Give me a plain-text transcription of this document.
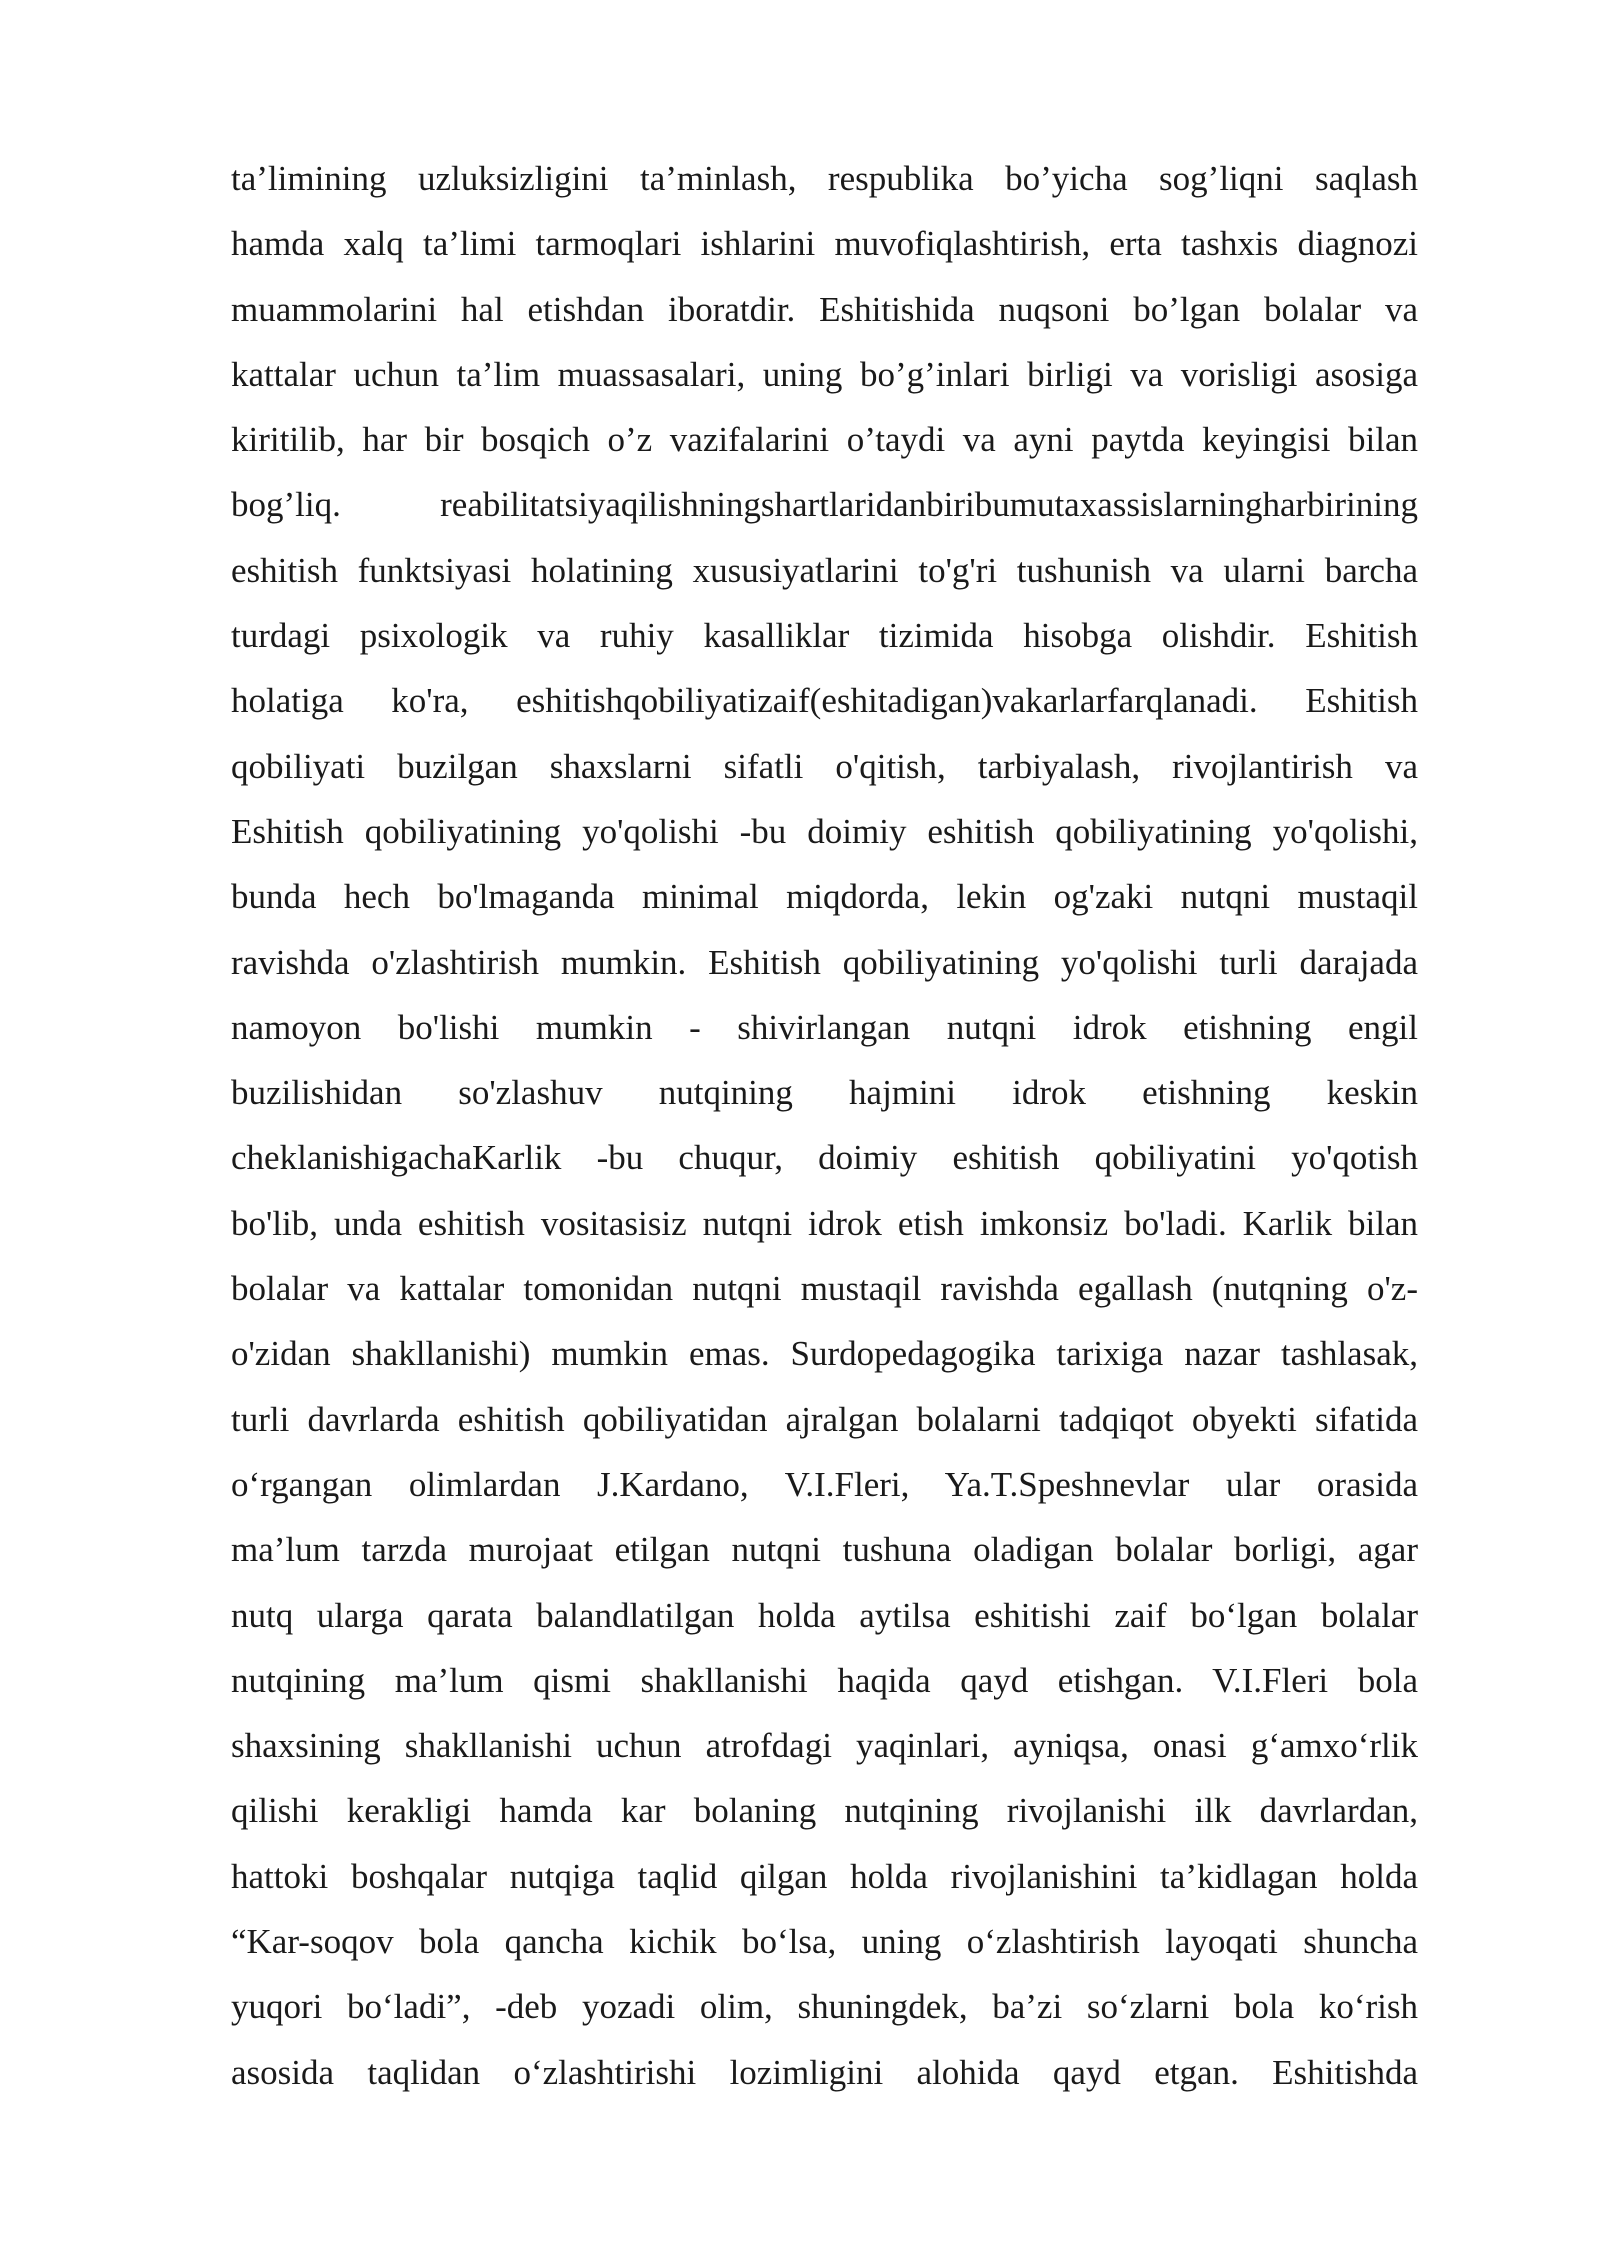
ta’limining uzluksizligini ta’minlash, respublika bo’yicha sog’liqni saqlash
hamda xalq ta’limi tarmoqlari ishlarini muvofiqlashtirish, erta tashxis diagnozi
muammolarini hal etishdan iboratdir. Eshitishida nuqsoni bo’lgan bolalar va
kattalar uchun ta’lim muassasalari, uning bo’g’inlari birligi va vorisligi asosiga
kiritilib, har bir bosqich o’z vazifalarini o’taydi va ayni paytda keyingisi bilan
bog’liq. reabilitatsiyaqilishningshartlaridanbiribumutaxassislarningharbirining
eshitish funktsiyasi holatining xususiyatlarini to'g'ri tushunish va ularni barcha
turdagi psixologik va ruhiy kasalliklar tizimida hisobga olishdir. Eshitish
holatiga ko'ra, eshitishqobiliyatizaif(eshitadigan)vakarlarfarqlanadi. Eshitish
qobiliyati buzilgan shaxslarni sifatli o'qitish, tarbiyalash, rivojlantirish va
Eshitish qobiliyatining yo'qolishi -bu doimiy eshitish qobiliyatining yo'qolishi,
bunda hech bo'lmaganda minimal miqdorda, lekin og'zaki nutqni mustaqil
ravishda o'zlashtirish mumkin. Eshitish qobiliyatining yo'qolishi turli darajada
namoyon bo'lishi mumkin - shivirlangan nutqni idrok etishning engil
buzilishidan so'zlashuv nutqining hajmini idrok etishning keskin
cheklanishigachaKarlik -bu chuqur, doimiy eshitish qobiliyatini yo'qotish
bo'lib, unda eshitish vositasisiz nutqni idrok etish imkonsiz bo'ladi. Karlik bilan
bolalar va kattalar tomonidan nutqni mustaqil ravishda egallash (nutqning o'z-
o'zidan shakllanishi) mumkin emas. Surdopedagogika tarixiga nazar tashlasak,
turli davrlarda eshitish qobiliyatidan ajralgan bolalarni tadqiqot obyekti sifatida
o‘rgangan olimlardan J.Kardano, V.I.Fleri, Ya.T.Speshnevlar ular orasida
ma’lum tarzda murojaat etilgan nutqni tushuna oladigan bolalar borligi, agar
nutq ularga qarata balandlatilgan holda aytilsa eshitishi zaif bo‘lgan bolalar
nutqining ma’lum qismi shakllanishi haqida qayd etishgan. V.I.Fleri bola
shaxsining shakllanishi uchun atrofdagi yaqinlari, ayniqsa, onasi g‘amxo‘rlik
qilishi kerakligi hamda kar bolaning nutqining rivojlanishi ilk davrlardan,
hattoki boshqalar nutqiga taqlid qilgan holda rivojlanishini ta’kidlagan holda
“Kar-soqov bola qancha kichik bo‘lsa, uning o‘zlashtirish layoqati shuncha
yuqori bo‘ladi”, -deb yozadi olim, shuningdek, ba’zi so‘zlarni bola ko‘rish
asosida taqlidan o‘zlashtirishi lozimligini alohida qayd etgan. Eshitishda
